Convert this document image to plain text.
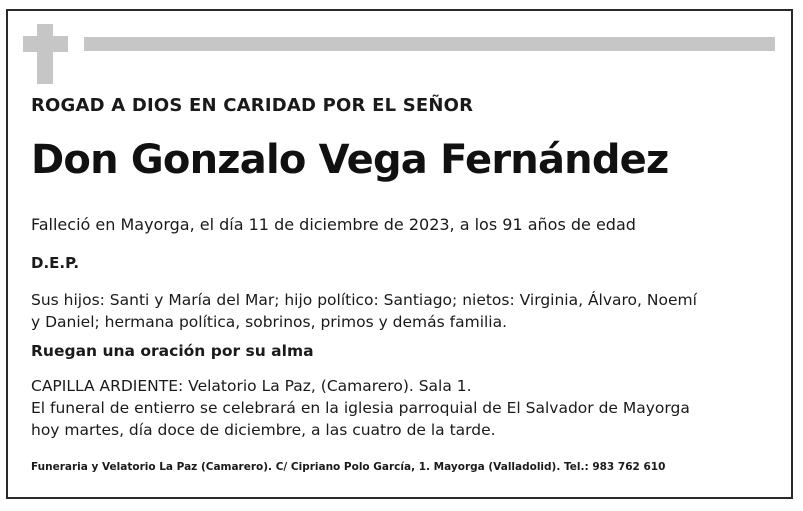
ROGAD A DIOS EN CARIDAD POR EL SEÑOR

Don Gonzalo Vega Fernández

Falleció en Mayorga, el día 11 de diciembre de 2023, a los 91 años de edad

D.E.P.

Sus hijos: Santi y María del Mar; hijo político: Santiago; nietos: Virginia, Álvaro, Noemí
y Daniel; hermana política, sobrinos, primos y demás familia.

Ruegan una oración por su alma

CAPILLA ARDIENTE: Velatorio La Paz, (Camarero). Sala 1.
El funeral de entierro se celebrará en la iglesia parroquial de El Salvador de Mayorga
hoy martes, día doce de diciembre, a las cuatro de la tarde.

Funeraria y Velatorio La Paz (Camarero). C/ Cipriano Polo García, 1. Mayorga (Valladolid). Tel.: 983 762 610
